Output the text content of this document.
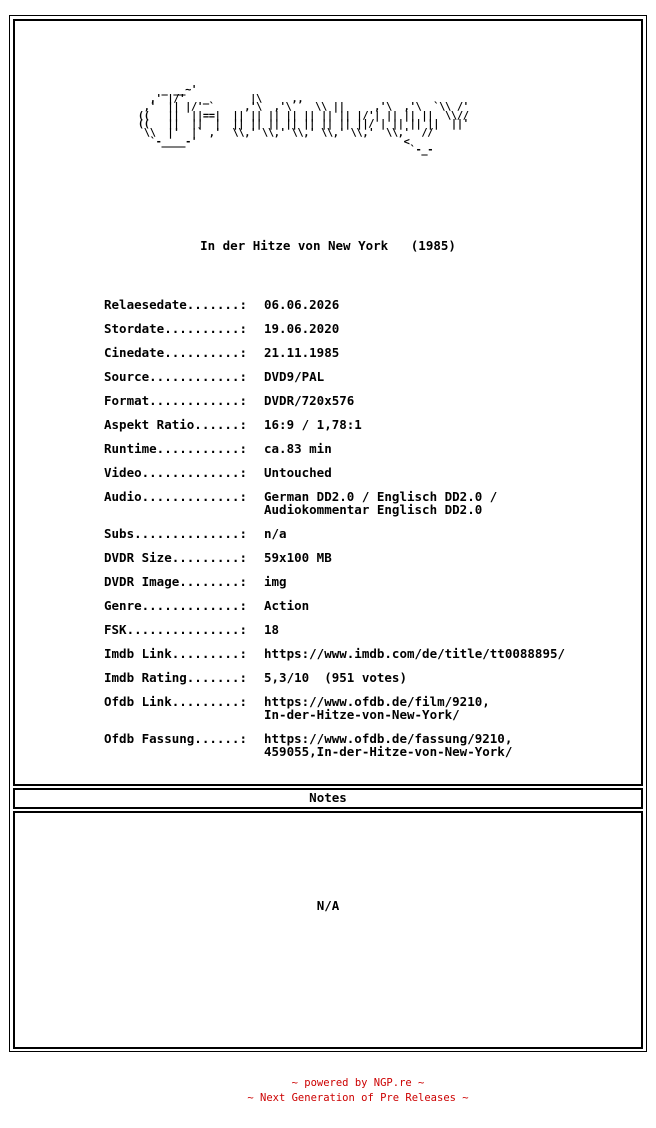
_ __~'
,' |/'   _       |\     ,,
,'  || |/' `     ,'\  ,'\    \\ ||     ,'\  ,'\  `\\ /'
((   ||  ||==|  || || || || || || || |/'| || || ||  \\//
((   ||  ||  |  || || || || || || || ||/ | || || ||  ||'
\\  |'  |` ,'  \\,' \\,' \\,' \\,' \\,'  \\,'  //
`-____-'                                   <
`-_-
In der Hitze von New York   (1985)
Relaesedate.......:	06.06.2026
Stordate..........:	19.06.2020
Cinedate..........:	21.11.1985
Source............:	DVD9/PAL
Format............:	DVDR/720x576
Aspekt Ratio......:	16:9 / 1,78:1
Runtime...........:	ca.83 min
Video.............:	Untouched
Audio.............:	German DD2.0 / Englisch DD2.0 /
Audiokommentar Englisch DD2.0
Subs..............:	n/a
DVDR Size.........:	59x100 MB
DVDR Image........:	img
Genre.............:	Action
FSK...............:	18
Imdb Link.........:	https://www.imdb.com/de/title/tt0088895/
Imdb Rating.......:	5,3/10  (951 votes)
Ofdb Link.........:	https://www.ofdb.de/film/9210,
In-der-Hitze-von-New-York/
Ofdb Fassung......:	https://www.ofdb.de/fassung/9210,
459055,In-der-Hitze-von-New-York/
Notes
N/A
~ powered by NGP.re ~
~ Next Generation of Pre Releases ~
